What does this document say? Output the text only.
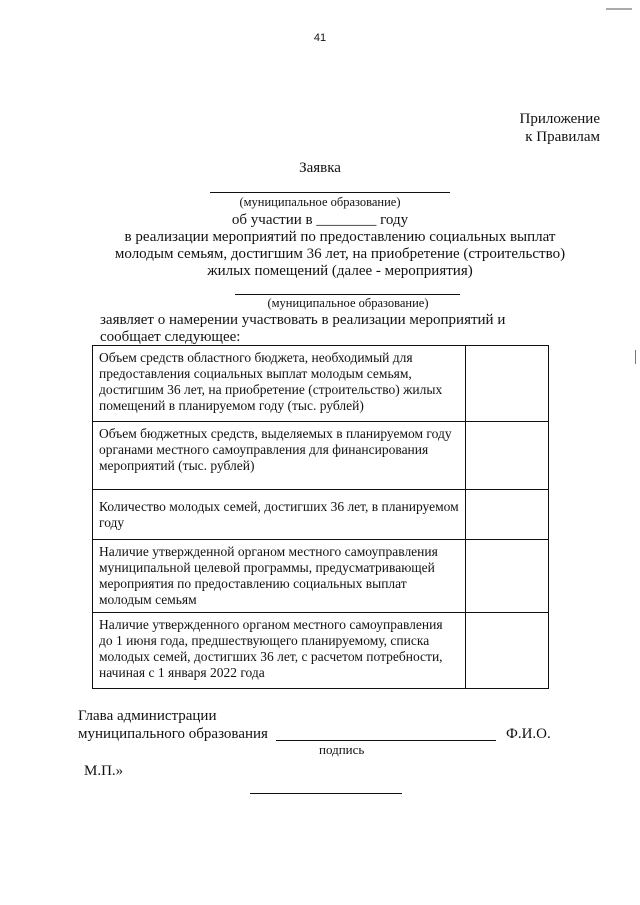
41
Приложение
к Правилам
Заявка
(муниципальное образование)
об участии в ________ году
в реализации мероприятий по предоставлению социальных выплат
молодым семьям, достигшим 36 лет, на приобретение (строительство)
жилых помещений (далее - мероприятия)
(муниципальное образование)
заявляет о намерении участвовать в реализации мероприятий и
сообщает следующее:
Объем средств областного бюджета, необходимый для предоставления социальных выплат молодым семьям, достигшим 36 лет, на приобретение (строительство) жилых помещений в планируемом году (тыс. рублей)	
Объем бюджетных средств, выделяемых в планируемом году органами местного самоуправления для финансирования мероприятий (тыс. рублей)	
Количество молодых семей, достигших 36 лет, в планируемом году	
Наличие утвержденной органом местного самоуправления муниципальной целевой программы, предусматривающей мероприятия по предоставлению социальных выплат молодым семьям	
Наличие утвержденного органом местного самоуправления до 1 июня года, предшествующего планируемому, списка молодых семей, достигших 36 лет, с расчетом потребности, начиная с 1 января 2022 года	
Глава администрации
муниципального образования	Ф.И.О.
подпись
М.П.»
